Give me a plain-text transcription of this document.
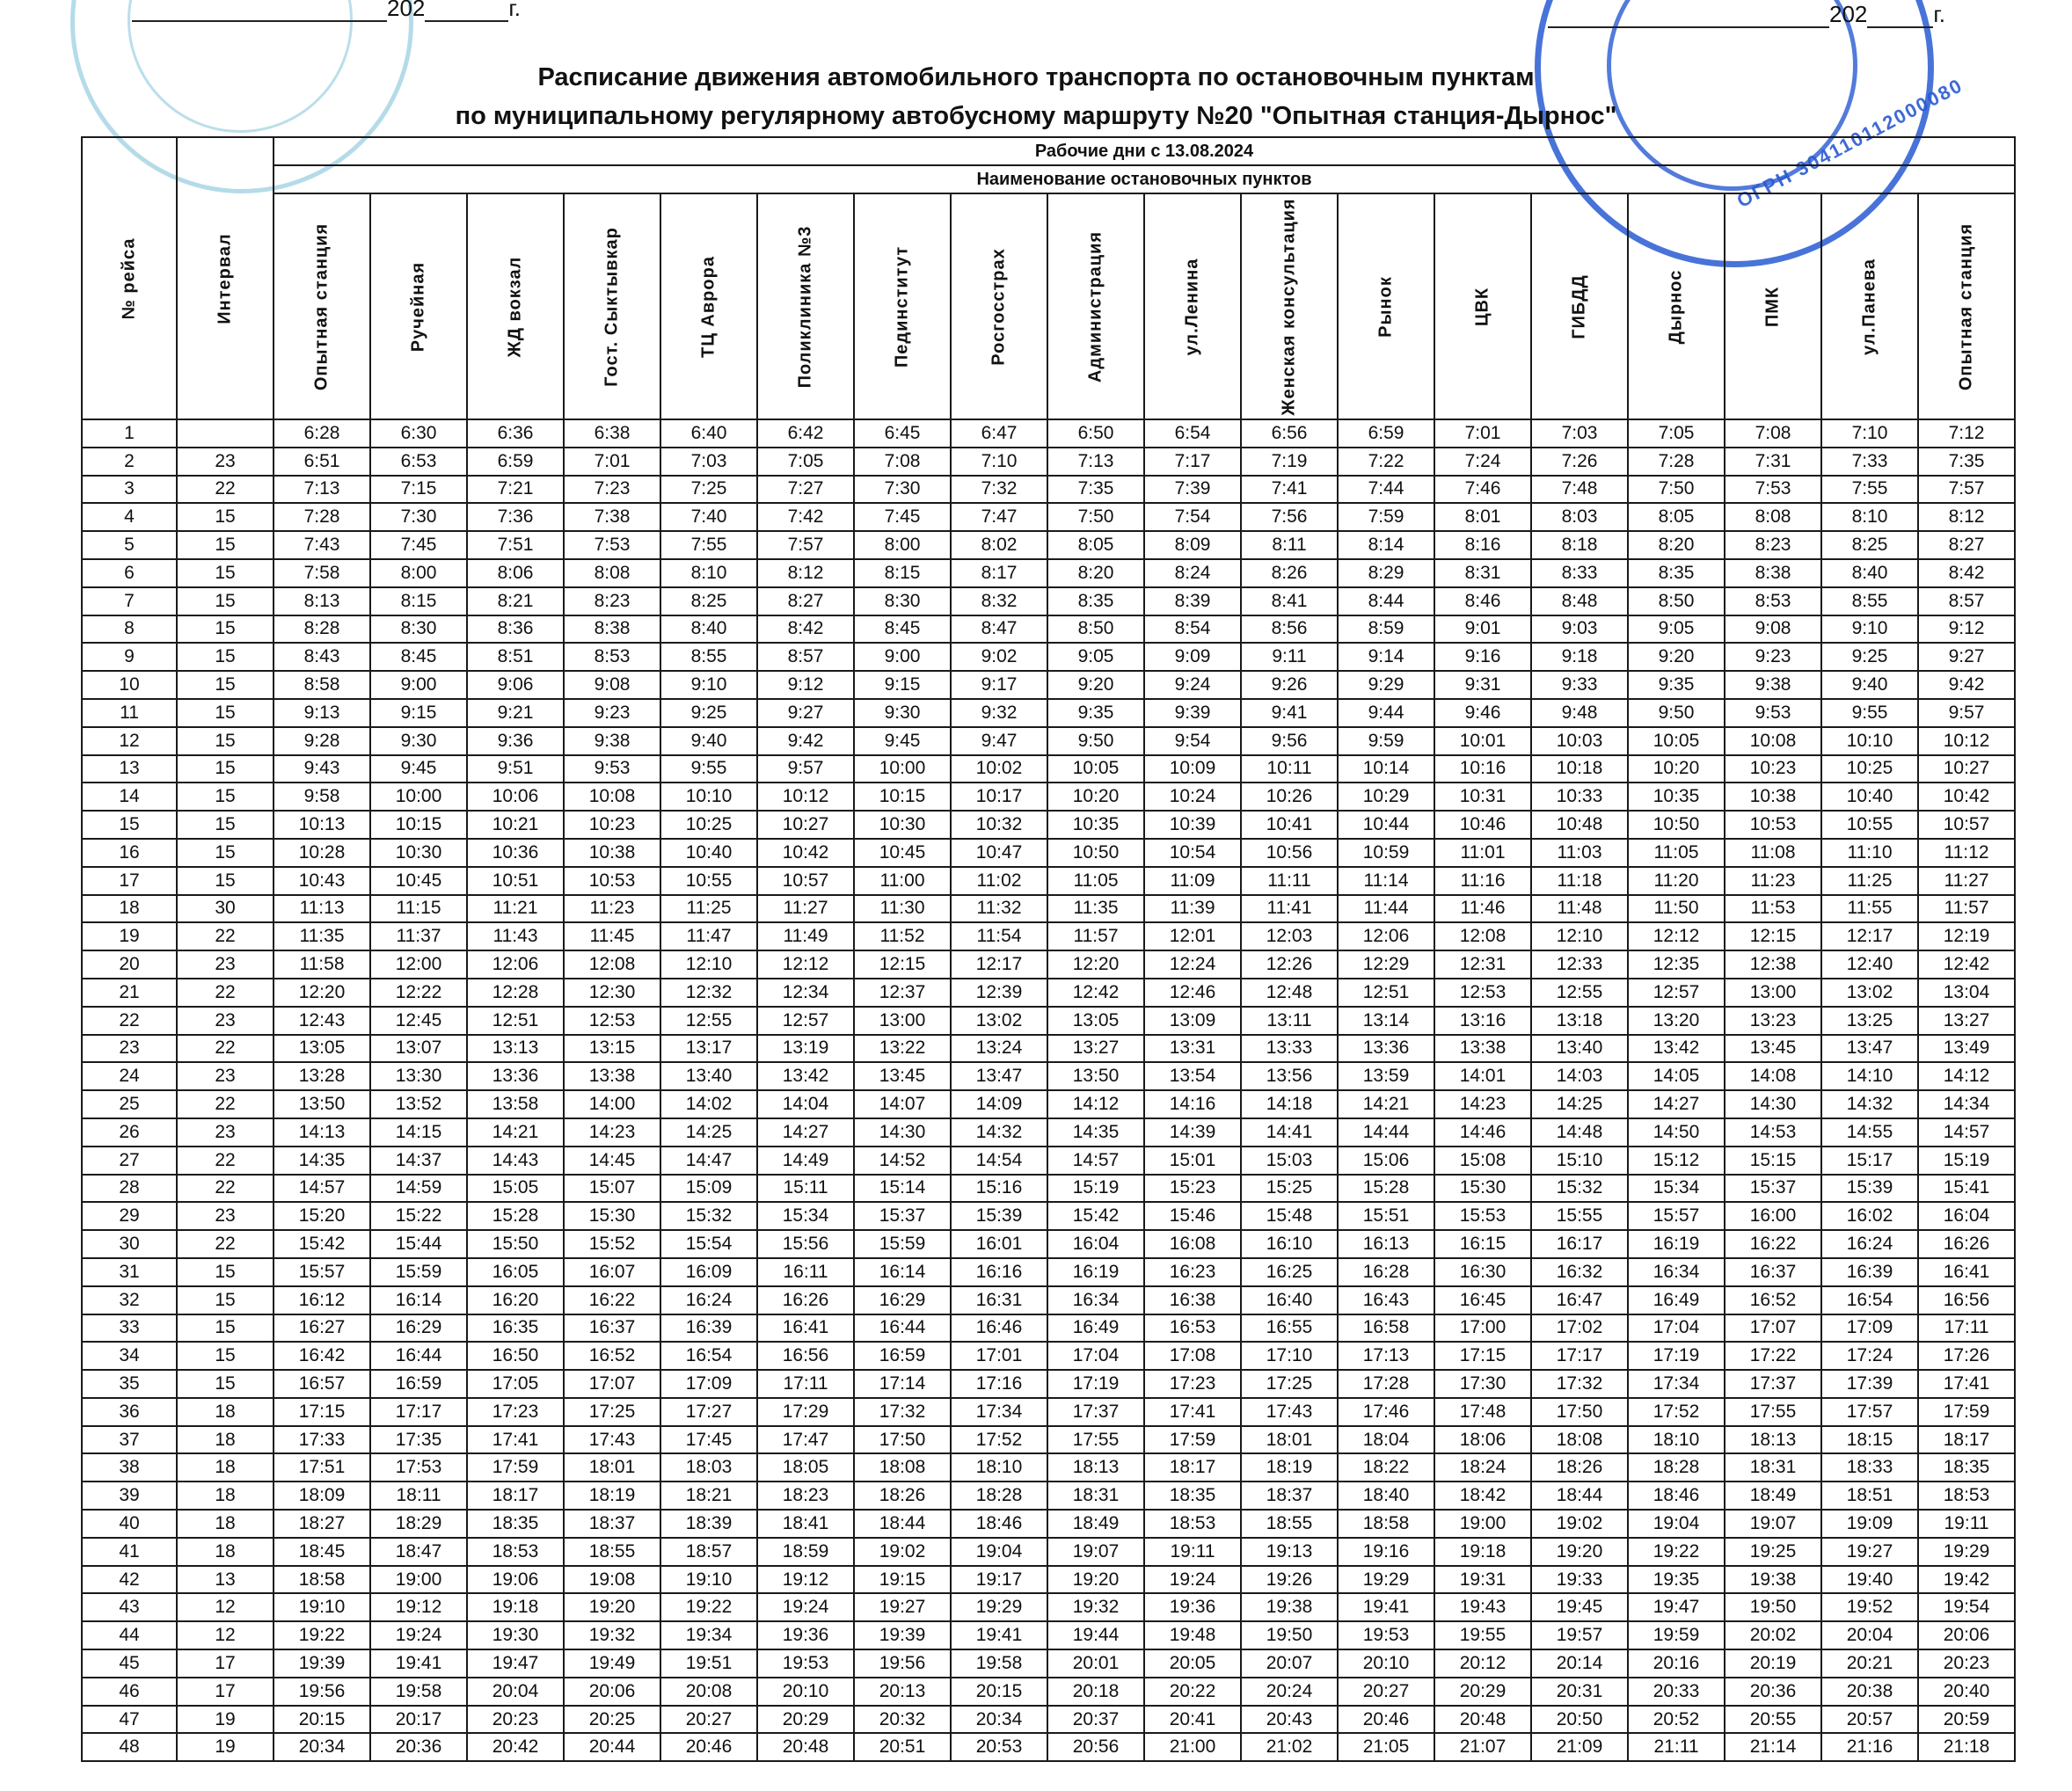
ОГРН 304110112000080
202	г.	202	г.
Расписание движения автомобильного транспорта по остановочным пунктам
по муниципальному регулярному автобусному маршруту №20 "Опытная станция-Дырнос"
№ рейса	Интервал	Рабочие дни с 13.08.2024																	
		Наименование остановочных пунктов																	

		Опытная станция	Ручейная	ЖД вокзал	Гост. Сыктывкар	ТЦ Аврора	Поликлиника №3	Пединститут	Росгосстрах	Администрация	ул.Ленина	Женская консультация	Рынок	ЦВК	ГИБДД	Дырнос	ПМК	ул.Панева	Опытная станция

1		6:28	6:30	6:36	6:38	6:40	6:42	6:45	6:47	6:50	6:54	6:56	6:59	7:01	7:03	7:05	7:08	7:10	7:12
2	23	6:51	6:53	6:59	7:01	7:03	7:05	7:08	7:10	7:13	7:17	7:19	7:22	7:24	7:26	7:28	7:31	7:33	7:35
3	22	7:13	7:15	7:21	7:23	7:25	7:27	7:30	7:32	7:35	7:39	7:41	7:44	7:46	7:48	7:50	7:53	7:55	7:57
4	15	7:28	7:30	7:36	7:38	7:40	7:42	7:45	7:47	7:50	7:54	7:56	7:59	8:01	8:03	8:05	8:08	8:10	8:12
5	15	7:43	7:45	7:51	7:53	7:55	7:57	8:00	8:02	8:05	8:09	8:11	8:14	8:16	8:18	8:20	8:23	8:25	8:27
6	15	7:58	8:00	8:06	8:08	8:10	8:12	8:15	8:17	8:20	8:24	8:26	8:29	8:31	8:33	8:35	8:38	8:40	8:42
7	15	8:13	8:15	8:21	8:23	8:25	8:27	8:30	8:32	8:35	8:39	8:41	8:44	8:46	8:48	8:50	8:53	8:55	8:57
8	15	8:28	8:30	8:36	8:38	8:40	8:42	8:45	8:47	8:50	8:54	8:56	8:59	9:01	9:03	9:05	9:08	9:10	9:12
9	15	8:43	8:45	8:51	8:53	8:55	8:57	9:00	9:02	9:05	9:09	9:11	9:14	9:16	9:18	9:20	9:23	9:25	9:27
10	15	8:58	9:00	9:06	9:08	9:10	9:12	9:15	9:17	9:20	9:24	9:26	9:29	9:31	9:33	9:35	9:38	9:40	9:42
11	15	9:13	9:15	9:21	9:23	9:25	9:27	9:30	9:32	9:35	9:39	9:41	9:44	9:46	9:48	9:50	9:53	9:55	9:57
12	15	9:28	9:30	9:36	9:38	9:40	9:42	9:45	9:47	9:50	9:54	9:56	9:59	10:01	10:03	10:05	10:08	10:10	10:12
13	15	9:43	9:45	9:51	9:53	9:55	9:57	10:00	10:02	10:05	10:09	10:11	10:14	10:16	10:18	10:20	10:23	10:25	10:27
14	15	9:58	10:00	10:06	10:08	10:10	10:12	10:15	10:17	10:20	10:24	10:26	10:29	10:31	10:33	10:35	10:38	10:40	10:42
15	15	10:13	10:15	10:21	10:23	10:25	10:27	10:30	10:32	10:35	10:39	10:41	10:44	10:46	10:48	10:50	10:53	10:55	10:57
16	15	10:28	10:30	10:36	10:38	10:40	10:42	10:45	10:47	10:50	10:54	10:56	10:59	11:01	11:03	11:05	11:08	11:10	11:12
17	15	10:43	10:45	10:51	10:53	10:55	10:57	11:00	11:02	11:05	11:09	11:11	11:14	11:16	11:18	11:20	11:23	11:25	11:27
18	30	11:13	11:15	11:21	11:23	11:25	11:27	11:30	11:32	11:35	11:39	11:41	11:44	11:46	11:48	11:50	11:53	11:55	11:57
19	22	11:35	11:37	11:43	11:45	11:47	11:49	11:52	11:54	11:57	12:01	12:03	12:06	12:08	12:10	12:12	12:15	12:17	12:19
20	23	11:58	12:00	12:06	12:08	12:10	12:12	12:15	12:17	12:20	12:24	12:26	12:29	12:31	12:33	12:35	12:38	12:40	12:42
21	22	12:20	12:22	12:28	12:30	12:32	12:34	12:37	12:39	12:42	12:46	12:48	12:51	12:53	12:55	12:57	13:00	13:02	13:04
22	23	12:43	12:45	12:51	12:53	12:55	12:57	13:00	13:02	13:05	13:09	13:11	13:14	13:16	13:18	13:20	13:23	13:25	13:27
23	22	13:05	13:07	13:13	13:15	13:17	13:19	13:22	13:24	13:27	13:31	13:33	13:36	13:38	13:40	13:42	13:45	13:47	13:49
24	23	13:28	13:30	13:36	13:38	13:40	13:42	13:45	13:47	13:50	13:54	13:56	13:59	14:01	14:03	14:05	14:08	14:10	14:12
25	22	13:50	13:52	13:58	14:00	14:02	14:04	14:07	14:09	14:12	14:16	14:18	14:21	14:23	14:25	14:27	14:30	14:32	14:34
26	23	14:13	14:15	14:21	14:23	14:25	14:27	14:30	14:32	14:35	14:39	14:41	14:44	14:46	14:48	14:50	14:53	14:55	14:57
27	22	14:35	14:37	14:43	14:45	14:47	14:49	14:52	14:54	14:57	15:01	15:03	15:06	15:08	15:10	15:12	15:15	15:17	15:19
28	22	14:57	14:59	15:05	15:07	15:09	15:11	15:14	15:16	15:19	15:23	15:25	15:28	15:30	15:32	15:34	15:37	15:39	15:41
29	23	15:20	15:22	15:28	15:30	15:32	15:34	15:37	15:39	15:42	15:46	15:48	15:51	15:53	15:55	15:57	16:00	16:02	16:04
30	22	15:42	15:44	15:50	15:52	15:54	15:56	15:59	16:01	16:04	16:08	16:10	16:13	16:15	16:17	16:19	16:22	16:24	16:26
31	15	15:57	15:59	16:05	16:07	16:09	16:11	16:14	16:16	16:19	16:23	16:25	16:28	16:30	16:32	16:34	16:37	16:39	16:41
32	15	16:12	16:14	16:20	16:22	16:24	16:26	16:29	16:31	16:34	16:38	16:40	16:43	16:45	16:47	16:49	16:52	16:54	16:56
33	15	16:27	16:29	16:35	16:37	16:39	16:41	16:44	16:46	16:49	16:53	16:55	16:58	17:00	17:02	17:04	17:07	17:09	17:11
34	15	16:42	16:44	16:50	16:52	16:54	16:56	16:59	17:01	17:04	17:08	17:10	17:13	17:15	17:17	17:19	17:22	17:24	17:26
35	15	16:57	16:59	17:05	17:07	17:09	17:11	17:14	17:16	17:19	17:23	17:25	17:28	17:30	17:32	17:34	17:37	17:39	17:41
36	18	17:15	17:17	17:23	17:25	17:27	17:29	17:32	17:34	17:37	17:41	17:43	17:46	17:48	17:50	17:52	17:55	17:57	17:59
37	18	17:33	17:35	17:41	17:43	17:45	17:47	17:50	17:52	17:55	17:59	18:01	18:04	18:06	18:08	18:10	18:13	18:15	18:17
38	18	17:51	17:53	17:59	18:01	18:03	18:05	18:08	18:10	18:13	18:17	18:19	18:22	18:24	18:26	18:28	18:31	18:33	18:35
39	18	18:09	18:11	18:17	18:19	18:21	18:23	18:26	18:28	18:31	18:35	18:37	18:40	18:42	18:44	18:46	18:49	18:51	18:53
40	18	18:27	18:29	18:35	18:37	18:39	18:41	18:44	18:46	18:49	18:53	18:55	18:58	19:00	19:02	19:04	19:07	19:09	19:11
41	18	18:45	18:47	18:53	18:55	18:57	18:59	19:02	19:04	19:07	19:11	19:13	19:16	19:18	19:20	19:22	19:25	19:27	19:29
42	13	18:58	19:00	19:06	19:08	19:10	19:12	19:15	19:17	19:20	19:24	19:26	19:29	19:31	19:33	19:35	19:38	19:40	19:42
43	12	19:10	19:12	19:18	19:20	19:22	19:24	19:27	19:29	19:32	19:36	19:38	19:41	19:43	19:45	19:47	19:50	19:52	19:54
44	12	19:22	19:24	19:30	19:32	19:34	19:36	19:39	19:41	19:44	19:48	19:50	19:53	19:55	19:57	19:59	20:02	20:04	20:06
45	17	19:39	19:41	19:47	19:49	19:51	19:53	19:56	19:58	20:01	20:05	20:07	20:10	20:12	20:14	20:16	20:19	20:21	20:23
46	17	19:56	19:58	20:04	20:06	20:08	20:10	20:13	20:15	20:18	20:22	20:24	20:27	20:29	20:31	20:33	20:36	20:38	20:40
47	19	20:15	20:17	20:23	20:25	20:27	20:29	20:32	20:34	20:37	20:41	20:43	20:46	20:48	20:50	20:52	20:55	20:57	20:59
48	19	20:34	20:36	20:42	20:44	20:46	20:48	20:51	20:53	20:56	21:00	21:02	21:05	21:07	21:09	21:11	21:14	21:16	21:18
